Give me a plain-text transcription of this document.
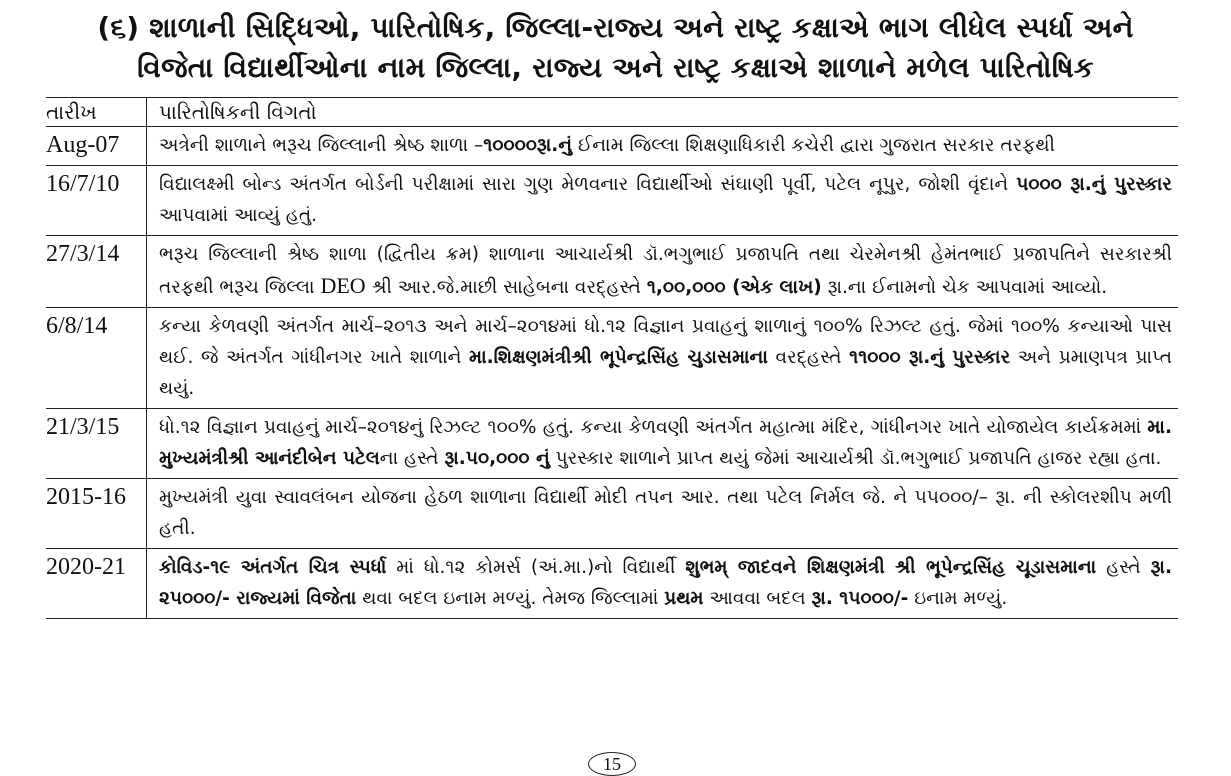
(૬) શાળાની સિદ્ધિઓ, પારિતોષિક, જિલ્લા-રાજ્ય અને રાષ્ટ્ર કક્ષાએ ભાગ લીધેલ સ્પર્ધા અને
વિજેતા વિદ્યાર્થીઓના નામ જિલ્લા, રાજ્ય અને રાષ્ટ્ર કક્ષાએ શાળાને મળેલ પારિતોષિક
તારીખ	પારિતોષિકની વિગતો
Aug-07	અત્રેની શાળાને ભરૂચ જિલ્લાની શ્રેષ્ઠ શાળા –૧૦૦૦૦રૂા.નું ઈનામ જિલ્લા શિક્ષણાધિકારી કચેરી દ્વારા ગુજરાત સરકાર તરફથી
16/7/10	વિદ્યાલક્ષ્મી બોન્ડ અંતર્ગત બોર્ડની પરીક્ષામાં સારા ગુણ મેળવનાર વિદ્યાર્થીઓ સંઘાણી પૂર્વી, પટેલ નૂપુર, જોશી વૃંદાને ૫૦૦૦ રૂા.નું પુરસ્કાર આપવામાં આવ્યું હતું.
27/3/14	ભરૂચ જિલ્લાની શ્રેષ્ઠ શાળા (દ્વિતીય ક્રમ) શાળાના આચાર્યશ્રી ડૉ.ભગુભાઈ પ્રજાપતિ તથા ચેરમેનશ્રી હેમંતભાઈ પ્રજાપતિને સરકારશ્રી તરફથી ભરૂચ જિલ્લા DEO શ્રી આર.જે.માછી સાહેબના વરદ્હસ્તે ૧,૦૦,૦૦૦ (એક લાખ) રૂા.ના ઈનામનો ચેક આપવામાં આવ્યો.
6/8/14	કન્યા કેળવણી અંતર્ગત માર્ચ–૨૦૧૩ અને માર્ચ–૨૦૧૪માં ધો.૧૨ વિજ્ઞાન પ્રવાહનું શાળાનું ૧૦૦% રિઝલ્ટ હતું. જેમાં ૧૦૦% કન્યાઓ પાસ થઈ. જે અંતર્ગત ગાંધીનગર ખાતે શાળાને મા.શિક્ષણમંત્રીશ્રી ભૂપેન્દ્રસિંહ ચુડાસમાના વરદ્હસ્તે ૧૧૦૦૦ રૂા.નું પુરસ્કાર અને પ્રમાણપત્ર પ્રાપ્ત થયું.
21/3/15	ધો.૧૨ વિજ્ઞાન પ્રવાહનું માર્ચ–૨૦૧૪નું રિઝલ્ટ ૧૦૦% હતું. કન્યા કેળવણી અંતર્ગત મહાત્મા મંદિર, ગાંધીનગર ખાતે યોજાયેલ કાર્યક્રમમાં મા. મુખ્યમંત્રીશ્રી આનંદીબેન પટેલના હસ્તે રૂા.૫૦,૦૦૦ નું પુરસ્કાર શાળાને પ્રાપ્ત થયું જેમાં આચાર્યશ્રી ડૉ.ભગુભાઈ પ્રજાપતિ હાજર રહ્યા હતા.
2015-16	મુખ્યમંત્રી યુવા સ્વાવલંબન યોજના હેઠળ શાળાના વિદ્યાર્થી મોદી તપન આર. તથા પટેલ નિર્મલ જે. ને ૫૫૦૦૦/– રૂા. ની સ્કોલરશીપ મળી હતી.
2020-21	કોવિડ-૧૯ અંતર્ગત ચિત્ર સ્પર્ધા માં ધો.૧૨ કોમર્સ (અં.મા.)નો વિદ્યાર્થી શુભમ્ જાદવને શિક્ષણમંત્રી શ્રી ભૂપેન્દ્રસિંહ ચૂડાસમાના હસ્તે રૂા. ૨૫૦૦૦/- રાજ્યમાં વિજેતા થવા બદલ ઇનામ મળ્યું. તેમજ જિલ્લામાં પ્રથમ આવવા બદલ રૂા. ૧૫૦૦૦/- ઇનામ મળ્યું.
15
